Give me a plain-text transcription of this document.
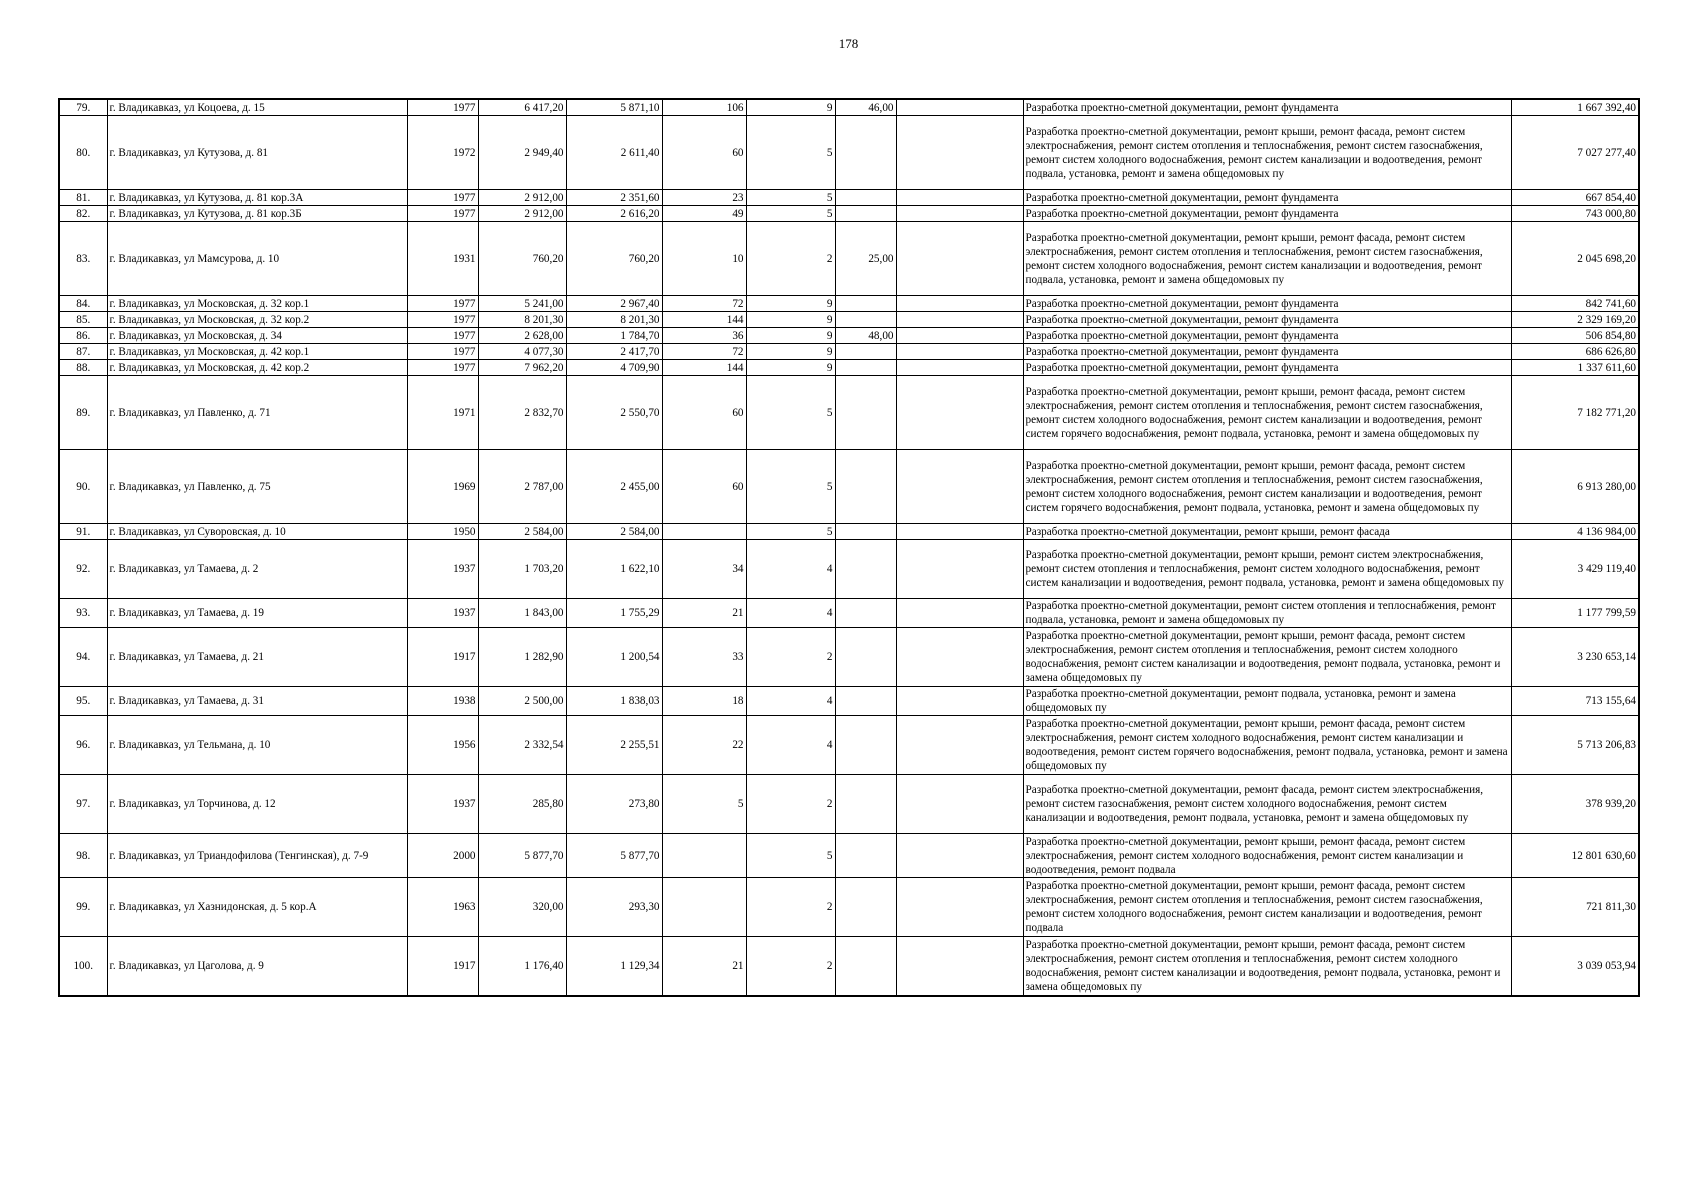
178
79.	г. Владикавказ, ул Коцоева, д. 15	1977	6 417,20	5 871,10	106	9	46,00		Разработка проектно-сметной документации, ремонт фундамента	1 667 392,40
80.	г. Владикавказ, ул Кутузова, д. 81	1972	2 949,40	2 611,40	60	5			Разработка проектно-сметной документации, ремонт крыши, ремонт фасада, ремонт систем электроснабжения, ремонт систем отопления и теплоснабжения, ремонт систем газоснабжения, ремонт систем холодного водоснабжения, ремонт систем канализации и водоотведения, ремонт подвала, установка, ремонт и замена общедомовых пу	7 027 277,40
81.	г. Владикавказ, ул Кутузова, д. 81 кор.3А	1977	2 912,00	2 351,60	23	5			Разработка проектно-сметной документации, ремонт фундамента	667 854,40
82.	г. Владикавказ, ул Кутузова, д. 81 кор.3Б	1977	2 912,00	2 616,20	49	5			Разработка проектно-сметной документации, ремонт фундамента	743 000,80
83.	г. Владикавказ, ул Мамсурова, д. 10	1931	760,20	760,20	10	2	25,00		Разработка проектно-сметной документации, ремонт крыши, ремонт фасада, ремонт систем электроснабжения, ремонт систем отопления и теплоснабжения, ремонт систем газоснабжения, ремонт систем холодного водоснабжения, ремонт систем канализации и водоотведения, ремонт подвала, установка, ремонт и замена общедомовых пу	2 045 698,20
84.	г. Владикавказ, ул Московская, д. 32 кор.1	1977	5 241,00	2 967,40	72	9			Разработка проектно-сметной документации, ремонт фундамента	842 741,60
85.	г. Владикавказ, ул Московская, д. 32 кор.2	1977	8 201,30	8 201,30	144	9			Разработка проектно-сметной документации, ремонт фундамента	2 329 169,20
86.	г. Владикавказ, ул Московская, д. 34	1977	2 628,00	1 784,70	36	9	48,00		Разработка проектно-сметной документации, ремонт фундамента	506 854,80
87.	г. Владикавказ, ул Московская, д. 42 кор.1	1977	4 077,30	2 417,70	72	9			Разработка проектно-сметной документации, ремонт фундамента	686 626,80
88.	г. Владикавказ, ул Московская, д. 42 кор.2	1977	7 962,20	4 709,90	144	9			Разработка проектно-сметной документации, ремонт фундамента	1 337 611,60
89.	г. Владикавказ, ул Павленко, д. 71	1971	2 832,70	2 550,70	60	5			Разработка проектно-сметной документации, ремонт крыши, ремонт фасада, ремонт систем электроснабжения, ремонт систем отопления и теплоснабжения, ремонт систем газоснабжения, ремонт систем холодного водоснабжения, ремонт систем канализации и водоотведения, ремонт систем горячего водоснабжения, ремонт подвала, установка, ремонт и замена общедомовых пу	7 182 771,20
90.	г. Владикавказ, ул Павленко, д. 75	1969	2 787,00	2 455,00	60	5			Разработка проектно-сметной документации, ремонт крыши, ремонт фасада, ремонт систем электроснабжения, ремонт систем отопления и теплоснабжения, ремонт систем газоснабжения, ремонт систем холодного водоснабжения, ремонт систем канализации и водоотведения, ремонт систем горячего водоснабжения, ремонт подвала, установка, ремонт и замена общедомовых пу	6 913 280,00
91.	г. Владикавказ, ул Суворовская, д. 10	1950	2 584,00	2 584,00		5			Разработка проектно-сметной документации, ремонт крыши, ремонт фасада	4 136 984,00
92.	г. Владикавказ, ул Тамаева, д. 2	1937	1 703,20	1 622,10	34	4			Разработка проектно-сметной документации, ремонт крыши, ремонт систем электроснабжения, ремонт систем отопления и теплоснабжения, ремонт систем холодного водоснабжения, ремонт систем канализации и водоотведения, ремонт подвала, установка, ремонт и замена общедомовых пу	3 429 119,40
93.	г. Владикавказ, ул Тамаева, д. 19	1937	1 843,00	1 755,29	21	4			Разработка проектно-сметной документации, ремонт систем отопления и теплоснабжения, ремонт подвала, установка, ремонт и замена общедомовых пу	1 177 799,59
94.	г. Владикавказ, ул Тамаева, д. 21	1917	1 282,90	1 200,54	33	2			Разработка проектно-сметной документации, ремонт крыши, ремонт фасада, ремонт систем электроснабжения, ремонт систем отопления и теплоснабжения, ремонт систем холодного водоснабжения, ремонт систем канализации и водоотведения, ремонт подвала, установка, ремонт и замена общедомовых пу	3 230 653,14
95.	г. Владикавказ, ул Тамаева, д. 31	1938	2 500,00	1 838,03	18	4			Разработка проектно-сметной документации, ремонт подвала, установка, ремонт и замена общедомовых пу	713 155,64
96.	г. Владикавказ, ул Тельмана, д. 10	1956	2 332,54	2 255,51	22	4			Разработка проектно-сметной документации, ремонт крыши, ремонт фасада, ремонт систем электроснабжения, ремонт систем холодного водоснабжения, ремонт систем канализации и водоотведения, ремонт систем горячего водоснабжения, ремонт подвала, установка, ремонт и замена общедомовых пу	5 713 206,83
97.	г. Владикавказ, ул Торчинова, д. 12	1937	285,80	273,80	5	2			Разработка проектно-сметной документации, ремонт фасада, ремонт систем электроснабжения, ремонт систем газоснабжения, ремонт систем холодного водоснабжения, ремонт систем канализации и водоотведения, ремонт подвала, установка, ремонт и замена общедомовых пу	378 939,20
98.	г. Владикавказ, ул Триандофилова (Тенгинская), д. 7-9	2000	5 877,70	5 877,70		5			Разработка проектно-сметной документации, ремонт крыши, ремонт фасада, ремонт систем электроснабжения, ремонт систем холодного водоснабжения, ремонт систем канализации и водоотведения, ремонт подвала	12 801 630,60
99.	г. Владикавказ, ул Хазнидонская, д. 5 кор.А	1963	320,00	293,30		2			Разработка проектно-сметной документации, ремонт крыши, ремонт фасада, ремонт систем электроснабжения, ремонт систем отопления и теплоснабжения, ремонт систем газоснабжения, ремонт систем холодного водоснабжения, ремонт систем канализации и водоотведения, ремонт подвала	721 811,30
100.	г. Владикавказ, ул Цаголова, д. 9	1917	1 176,40	1 129,34	21	2			Разработка проектно-сметной документации, ремонт крыши, ремонт фасада, ремонт систем электроснабжения, ремонт систем отопления и теплоснабжения, ремонт систем холодного водоснабжения, ремонт систем канализации и водоотведения, ремонт подвала, установка, ремонт и замена общедомовых пу	3 039 053,94
